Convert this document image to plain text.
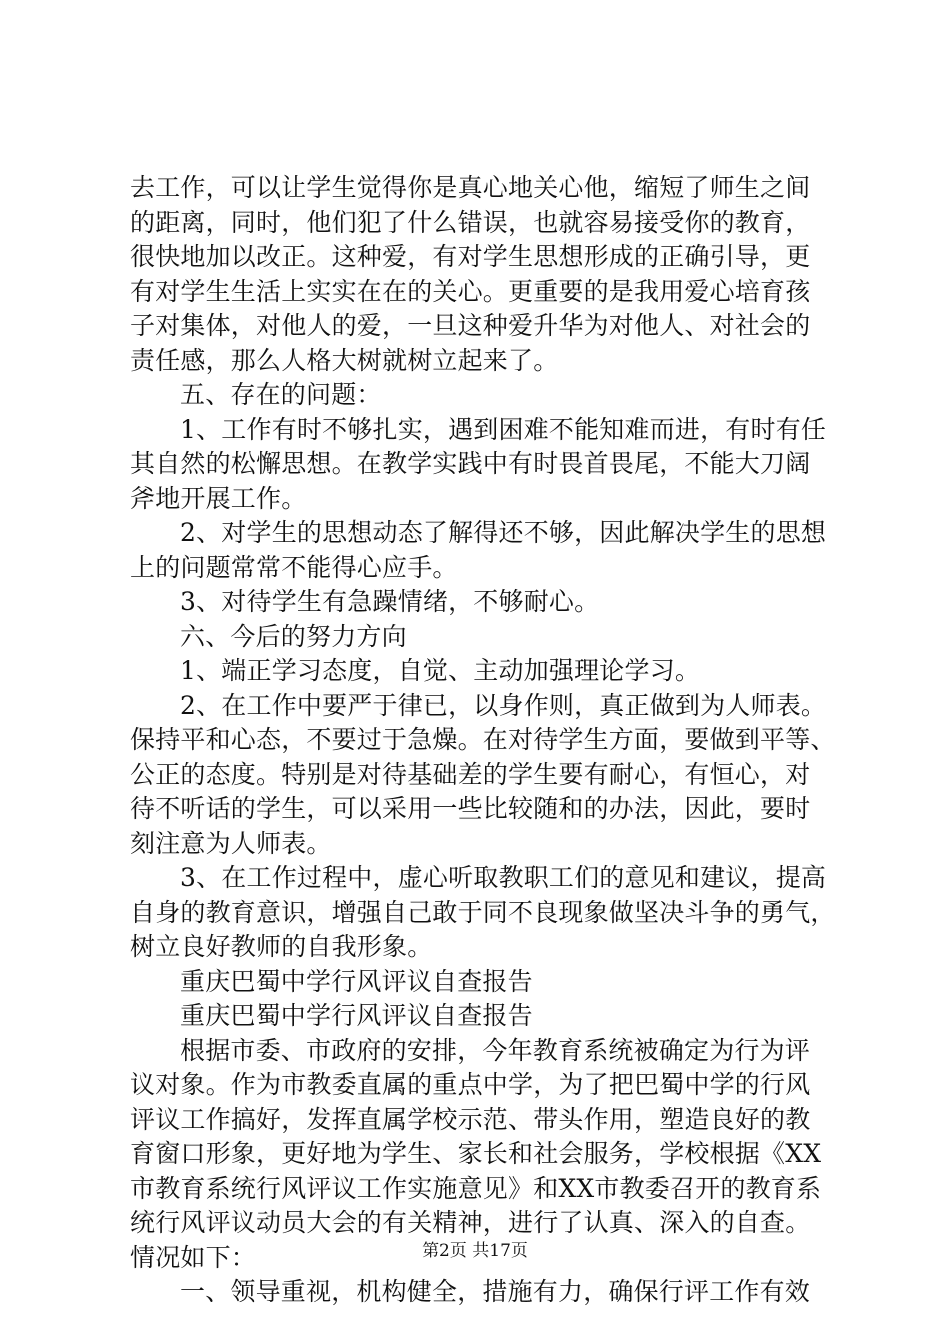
去工作，可以让学生觉得你是真心地关心他，缩短了师生之间
的距离，同时，他们犯了什么错误，也就容易接受你的教育，
很快地加以改正。这种爱，有对学生思想形成的正确引导，更
有对学生生活上实实在在的关心。更重要的是我用爱心培育孩
子对集体，对他人的爱，一旦这种爱升华为对他人、对社会的
责任感，那么人格大树就树立起来了。
五、存在的问题：
1、工作有时不够扎实，遇到困难不能知难而进，有时有任
其自然的松懈思想。在教学实践中有时畏首畏尾，不能大刀阔
斧地开展工作。
2、对学生的思想动态了解得还不够，因此解决学生的思想
上的问题常常不能得心应手。
3、对待学生有急躁情绪，不够耐心。
六、今后的努力方向
1、端正学习态度，自觉、主动加强理论学习。
2、在工作中要严于律已，以身作则，真正做到为人师表。
保持平和心态，不要过于急燥。在对待学生方面，要做到平等、
公正的态度。特别是对待基础差的学生要有耐心，有恒心，对
待不听话的学生，可以采用一些比较随和的办法，因此，要时
刻注意为人师表。
3、在工作过程中，虚心听取教职工们的意见和建议，提高
自身的教育意识，增强自己敢于同不良现象做坚决斗争的勇气，
树立良好教师的自我形象。
重庆巴蜀中学行风评议自查报告
重庆巴蜀中学行风评议自查报告
根据市委、市政府的安排，今年教育系统被确定为行为评
议对象。作为市教委直属的重点中学，为了把巴蜀中学的行风
评议工作搞好，发挥直属学校示范、带头作用，塑造良好的教
育窗口形象，更好地为学生、家长和社会服务，学校根据《XX
市教育系统行风评议工作实施意见》和XX市教委召开的教育系
统行风评议动员大会的有关精神，进行了认真、深入的自查。
情况如下：
一、领导重视，机构健全，措施有力，确保行评工作有效
第2页 共17页
